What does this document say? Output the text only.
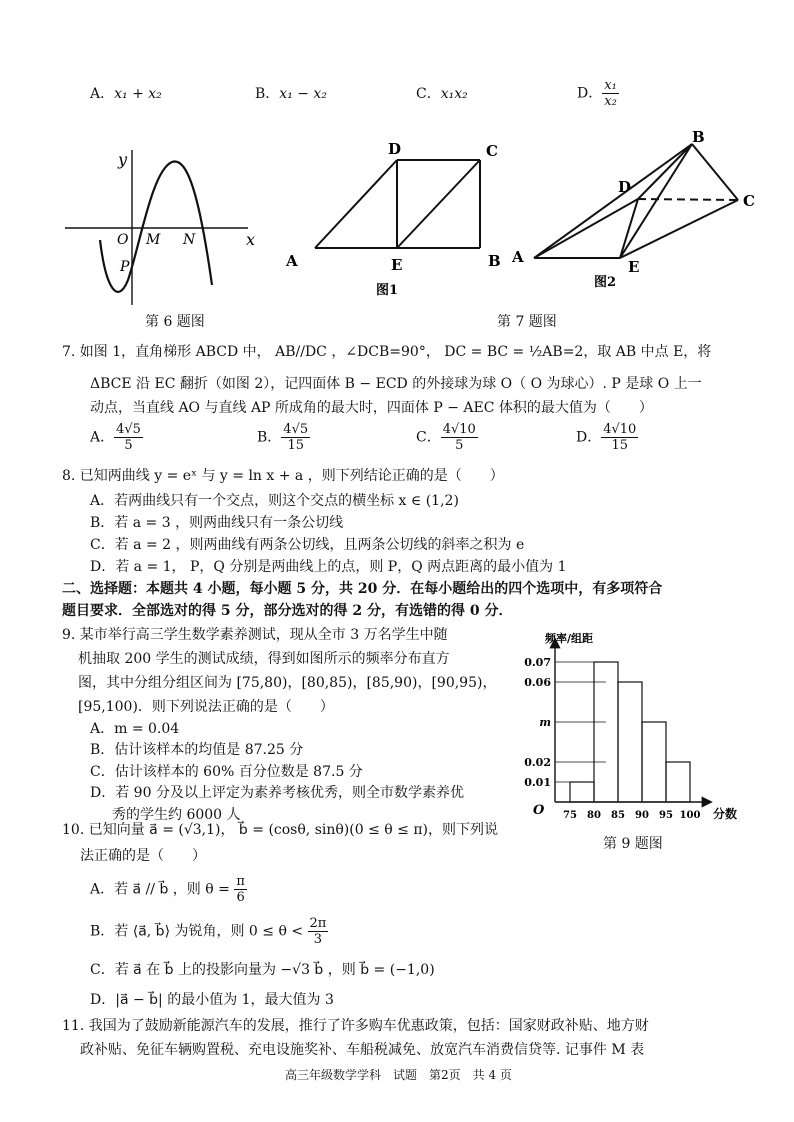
A．x₁ + x₂	B．x₁ − x₂	C．x₁x₂	D． $\frac{\text{x₁}}{\text{x₂}}$
y
x
O M N
P
第 6 题图
A
D	C
E	B
图1
A
D
B
C
E
图2
第 7 题图
7. 如图 1，直角梯形 ABCD 中， AB//DC ，∠DCB=90°， DC = BC = ½AB=2，取 AB 中点 E，将
ΔBCE 沿 EC 翻折（如图 2），记四面体 B − ECD 的外接球为球 O（ O 为球心）. P 是球 O 上一
动点，当直线 AO 与直线 AP 所成角的最大时，四面体 P − AEC 体积的最大值为（　　）
A． $\frac{4√5}{5}$	B． $\frac{4√5}{15}$	C． $\frac{4√10}{5}$	D． $\frac{4√10}{15}$
8. 已知两曲线 y = eˣ 与 y = ln x + a ，则下列结论正确的是（　　）
A．若两曲线只有一个交点，则这个交点的横坐标 x ∈ (1,2)
B．若 a = 3 ，则两曲线只有一条公切线
C．若 a = 2 ，则两曲线有两条公切线，且两条公切线的斜率之积为 e
D．若 a = 1， P，Q 分别是两曲线上的点，则 P，Q 两点距离的最小值为 1
二、选择题：本题共 4 小题，每小题 5 分，共 20 分．在每小题给出的四个选项中，有多项符合
题目要求．全部选对的得 5 分，部分选对的得 2 分，有选错的得 0 分．
9. 某市举行高三学生数学素养测试，现从全市 3 万名学生中随
机抽取 200 学生的测试成绩，得到如图所示的频率分布直方
图，其中分组分组区间为 [75,80)，[80,85)，[85,90)，[90,95)，
[95,100)．则下列说法正确的是（　　）
A．m = 0.04
B．估计该样本的均值是 87.25 分
C．估计该样本的 60% 百分位数是 87.5 分
D．若 90 分及以上评定为素养考核优秀，则全市数学素养优
秀的学生约 6000 人
频率/组距
分数
O
0.07
0.06
m
0.02
0.01
75 80 85 90 95 100
第 9 题图
10. 已知向量 a⃗ = (√3,1)， b⃗ = (cosθ, sinθ)(0 ≤ θ ≤ π)，则下列说
法正确的是（　　）
A．若 a⃗ // b⃗ ，则 $\theta = \frac{\pi}{6}$
B．若 ⟨a⃗, b⃗⟩ 为锐角，则 $0 \le \theta < \frac{2\pi}{3}$
C．若 a⃗ 在 b⃗ 上的投影向量为 −√3 b⃗ ，则 b⃗ = (−1,0)
D．|a⃗ − b⃗| 的最小值为 1，最大值为 3
11. 我国为了鼓励新能源汽车的发展，推行了许多购车优惠政策，包括：国家财政补贴、地方财
政补贴、免征车辆购置税、充电设施奖补、车船税减免、放宽汽车消费信贷等. 记事件 M 表
高三年级数学学科　试题　第2页　共 4 页
